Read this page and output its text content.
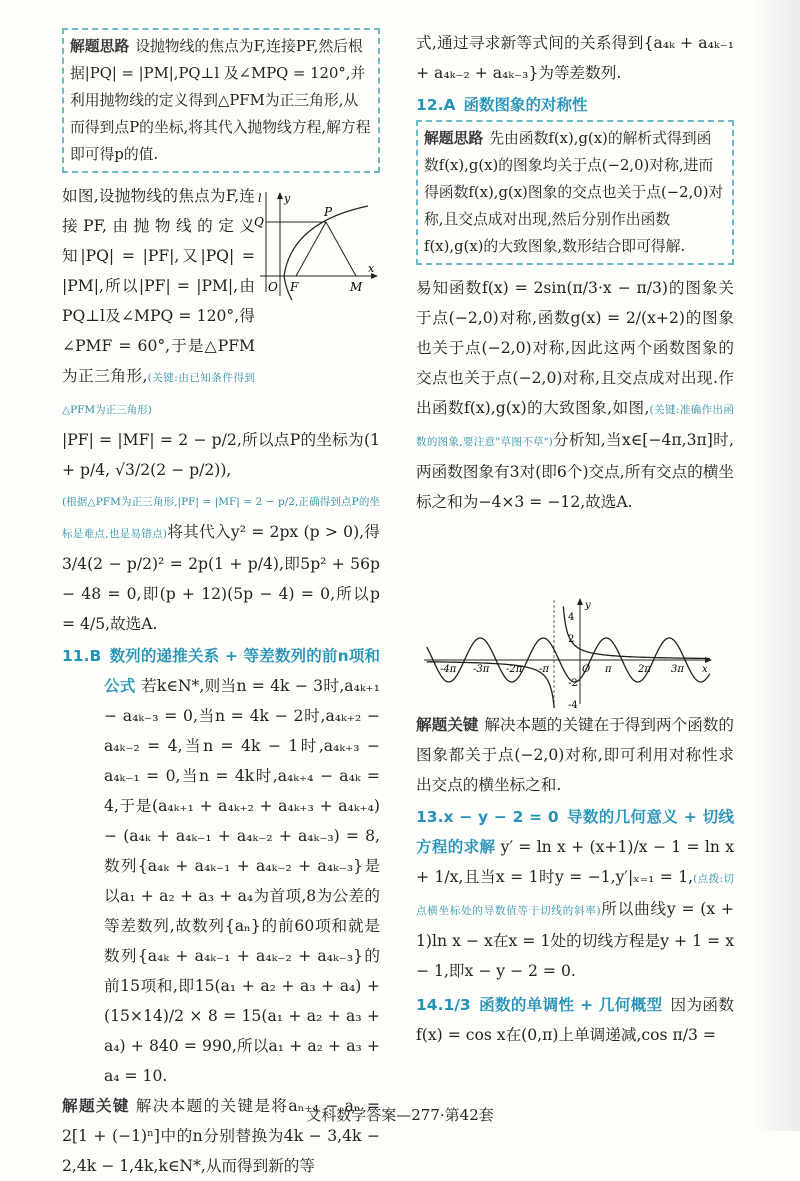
解题思路 设抛物线的焦点为F,连接PF,然后根据|PQ| = |PM|,PQ⊥l 及∠MPQ = 120°,并利用抛物线的定义得到△PFM为正三角形,从而得到点P的坐标,将其代入抛物线方程,解方程即可得p的值.

如图,设抛物线的焦点为F,连接PF,由抛物线的定义知|PQ| = |PF|,又|PQ| = |PM|,所以|PF| = |PM|,由PQ⊥l及∠MPQ = 120°,得∠PMF = 60°,于是△PFM为正三角形,(关键:由已知条件得到△PFM为正三角形)

|PF| = |MF| = 2 − p/2,所以点P的坐标为(1 + p/4, √3/2(2 − p/2)),

(根据△PFM为正三角形,|PF| = |MF| = 2 − p/2,正确得到点P的坐标是难点,也是易错点)将其代入y² = 2px (p > 0),得3/4(2 − p/2)² = 2p(1 + p/4),即5p² + 56p − 48 = 0,即(p + 12)(5p − 4) = 0,所以p = 4/5,故选A.

11.B 数列的递推关系 + 等差数列的前n项和公式 若k∈N*,则当n = 4k − 3时,a₄ₖ₊₁ − a₄ₖ₋₃ = 0,当n = 4k − 2时,a₄ₖ₊₂ − a₄ₖ₋₂ = 4,当n = 4k − 1时,a₄ₖ₊₃ − a₄ₖ₋₁ = 0,当n = 4k时,a₄ₖ₊₄ − a₄ₖ = 4,于是(a₄ₖ₊₁ + a₄ₖ₊₂ + a₄ₖ₊₃ + a₄ₖ₊₄) − (a₄ₖ + a₄ₖ₋₁ + a₄ₖ₋₂ + a₄ₖ₋₃) = 8,数列{a₄ₖ + a₄ₖ₋₁ + a₄ₖ₋₂ + a₄ₖ₋₃}是以a₁ + a₂ + a₃ + a₄为首项,8为公差的等差数列,故数列{aₙ}的前60项和就是数列{a₄ₖ + a₄ₖ₋₁ + a₄ₖ₋₂ + a₄ₖ₋₃}的前15项和,即15(a₁ + a₂ + a₃ + a₄) + (15×14)/2 × 8 = 15(a₁ + a₂ + a₃ + a₄) + 840 = 990,所以a₁ + a₂ + a₃ + a₄ = 10.

解题关键 解决本题的关键是将aₙ₊₄ − aₙ = 2[1 + (−1)ⁿ]中的n分别替换为4k − 3,4k − 2,4k − 1,4k,k∈N*,从而得到新的等

y
l
Q
P
O F	M
x

式,通过寻求新等式间的关系得到{a₄ₖ + a₄ₖ₋₁ + a₄ₖ₋₂ + a₄ₖ₋₃}为等差数列.

12.A 函数图象的对称性

解题思路 先由函数f(x),g(x)的解析式得到函数f(x),g(x)的图象均关于点(−2,0)对称,进而得函数f(x),g(x)图象的交点也关于点(−2,0)对称,且交点成对出现,然后分别作出函数f(x),g(x)的大致图象,数形结合即可得解.

易知函数f(x) = 2sin(π/3·x − π/3)的图象关于点(−2,0)对称,函数g(x) = 2/(x+2)的图象也关于点(−2,0)对称,因此这两个函数图象的交点也关于点(−2,0)对称,且交点成对出现.作出函数f(x),g(x)的大致图象,如图,(关键:准确作出函数的图象,要注意"草图不草")分析知,当x∈[−4π,3π]时,两函数图象有3对(即6个)交点,所有交点的横坐标之和为−4×3 = −12,故选A.

4
2
-2
-4
-4π -3π -2π -π	O π	2π 3π
y
x

解题关键 解决本题的关键在于得到两个函数的图象都关于点(−2,0)对称,即可利用对称性求出交点的横坐标之和.

13.x − y − 2 = 0 导数的几何意义 + 切线方程的求解 y′ = ln x + (x+1)/x − 1 = ln x + 1/x,且当x = 1时y = −1,y′|ₓ₌₁ = 1,(点拨:切点横坐标处的导数值等于切线的斜率)所以曲线y = (x + 1)ln x − x在x = 1处的切线方程是y + 1 = x − 1,即x − y − 2 = 0.

14.1/3 函数的单调性 + 几何概型 因为函数f(x) = cos x在(0,π)上单调递减,cos π/3 =

文科数学答案—277·第42套
